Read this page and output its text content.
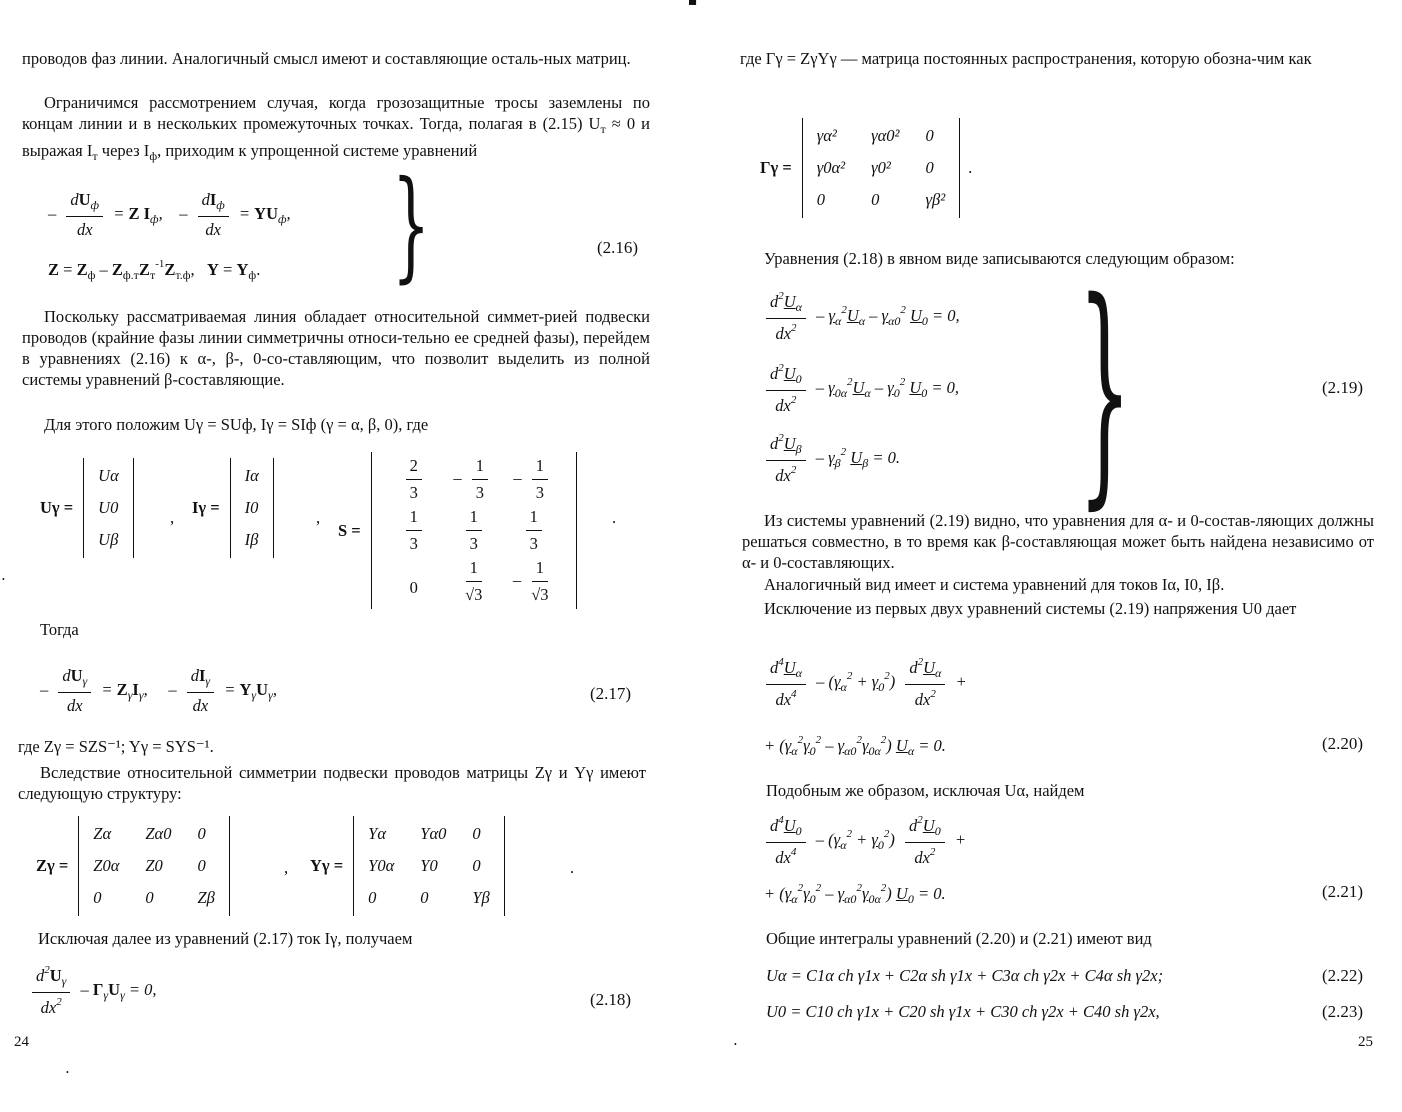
▀
•
•
•

проводов фаз линии. Аналогичный смысл имеют и составляющие осталь-ных матриц.

Ограничимся рассмотрением случая, когда грозозащитные тросы заземлены по концам линии и в нескольких промежуточных точках. Тогда, полагая в (2.15) $U_т \approx 0$ и выражая $I_т$ через $I_ф$, приходим к упрощенной системе уравнений

– $\frac{dU_ф}{dx} = Z$ $I_ф$,    – $\frac{dI_ф}{dx} = YU_ф$,
$Z = Z_ф - Z_{ф.т}Z_т^{-1}Z_{т.ф}$,   $Y = Y_ф$. }	(2.16)

Поскольку рассматриваемая линия обладает относительной симмет-рией подвески проводов (крайние фазы линии симметричны относи-тельно ее средней фазы), перейдем в уравнениях (2.16) к α-, β-, 0-со-ставляющим, что позволит выделить из полной системы уравнений β-составляющие.

Для этого положим Uγ = SUф, Iγ = SIф (γ = α, β, 0), где

Uγ =
Uα
U0
Uβ
,
Iγ =
Iα
I0
Iβ
,
S =
$\frac{2}{3}$	– $\frac{1}{3}$	– $\frac{1}{3}$
$\frac{1}{3}$	$\frac{1}{3}$	$\frac{1}{3}$
0	$\frac{1}{√3}$	– $\frac{1}{√3}$
.
Тогда
– $\frac{dU_\gamma}{dx} = Z_\gamma I_\gamma$,     – $\frac{dI_\gamma}{dx} = Y_\gamma U_\gamma$,	(2.17)

где Zγ = SZS⁻¹; Yγ = SYS⁻¹.

Вследствие относительной симметрии подвески проводов матрицы Zγ и Yγ имеют следующую структуру:

Zγ =
Zα	Zα0 0
Z0α Z0	0
0	0	Zβ
, Yγ =
Yα	Yα0 0
Y0α Y0	0
0	0	Yβ
.

Исключая далее из уравнений (2.17) ток Iγ, получаем

$\frac{d^2U_\gamma}{dx^2} - \Gamma_\gamma U_\gamma = 0$,
(2.18)
24

где Γγ = ZγYγ — матрица постоянных распространения, которую обозна-чим как

Γγ =
γα²	γα0² 0
γ0α² γ0²	0
0	0	γβ²
.

Уравнения (2.18) в явном виде записываются следующим образом:

$\frac{d^2U_\alpha}{dx^2} - \gamma_\alpha^2U_\alpha - \gamma_{\alpha 0}^2$ $U_0 = 0$,
$\frac{d^2U_0}{dx^2} - \gamma_{0\alpha}^2U_\alpha - \gamma_0^2$ $U_0 = 0$,
$\frac{d^2U_\beta}{dx^2} - \gamma_\beta^2$ $U_\beta = 0$. }	(2.19)

Из системы уравнений (2.19) видно, что уравнения для α- и 0-состав-ляющих должны решаться совместно, в то время как β-составляющая может быть найдена независимо от α- и 0-составляющих.

Аналогичный вид имеет и система уравнений для токов Iα, I0, Iβ.

Исключение из первых двух уравнений системы (2.19) напряжения U0 дает

$\frac{d^4U_\alpha}{dx^4} - (\gamma_\alpha^2 + \gamma_0^2) \frac{d^2U_\alpha}{dx^2}$ +
+ $(\gamma_\alpha^2\gamma_0^2 - \gamma_{\alpha 0}^2\gamma_{0\alpha}^2) U_\alpha = 0$.	(2.20)

Подобным же образом, исключая Uα, найдем

$\frac{d^4U_0}{dx^4} - (\gamma_\alpha^2 + \gamma_0^2) \frac{d^2U_0}{dx^2}$ +
+ $(\gamma_\alpha^2\gamma_0^2 - \gamma_{\alpha 0}^2\gamma_{0\alpha}^2) U_0 = 0$.	(2.21)

Общие интегралы уравнений (2.20) и (2.21) имеют вид

Uα = C1α ch γ1x + C2α sh γ1x + C3α ch γ2x + C4α sh γ2x;	(2.22)
U0 = C10 ch γ1x + C20 sh γ1x + C30 ch γ2x + C40 sh γ2x,	(2.23)
25
